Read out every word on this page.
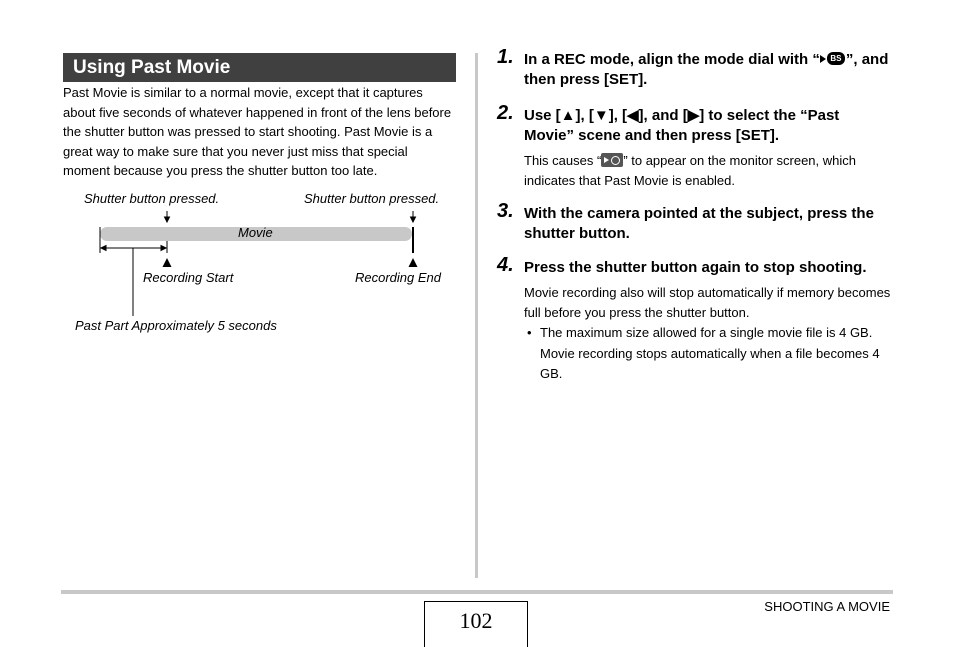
Using Past Movie
Past Movie is similar to a normal movie, except that it captures about five seconds of whatever happened in front of the lens before the shutter button was pressed to start shooting. Past Movie is a great way to make sure that you never just miss that special moment because you press the shutter button too late.
Shutter button pressed.	Shutter button pressed.
Movie
Recording Start	Recording End
Past Part Approximately 5 seconds
1. In a REC mode, align the mode dial with “	BS ”, and then press [SET].
2. Use [▲], [▼], [◀], and [▶] to select the “Past Movie” scene and then press [SET].
This causes “ ” to appear on the monitor screen, which indicates that Past Movie is enabled.
3. With the camera pointed at the subject, press the shutter button.
4. Press the shutter button again to stop shooting.
Movie recording also will stop automatically if memory becomes full before you press the shutter button.
• The maximum size allowed for a single movie file is 4 GB. Movie recording stops automatically when a file becomes 4 GB.
102
SHOOTING A MOVIE
